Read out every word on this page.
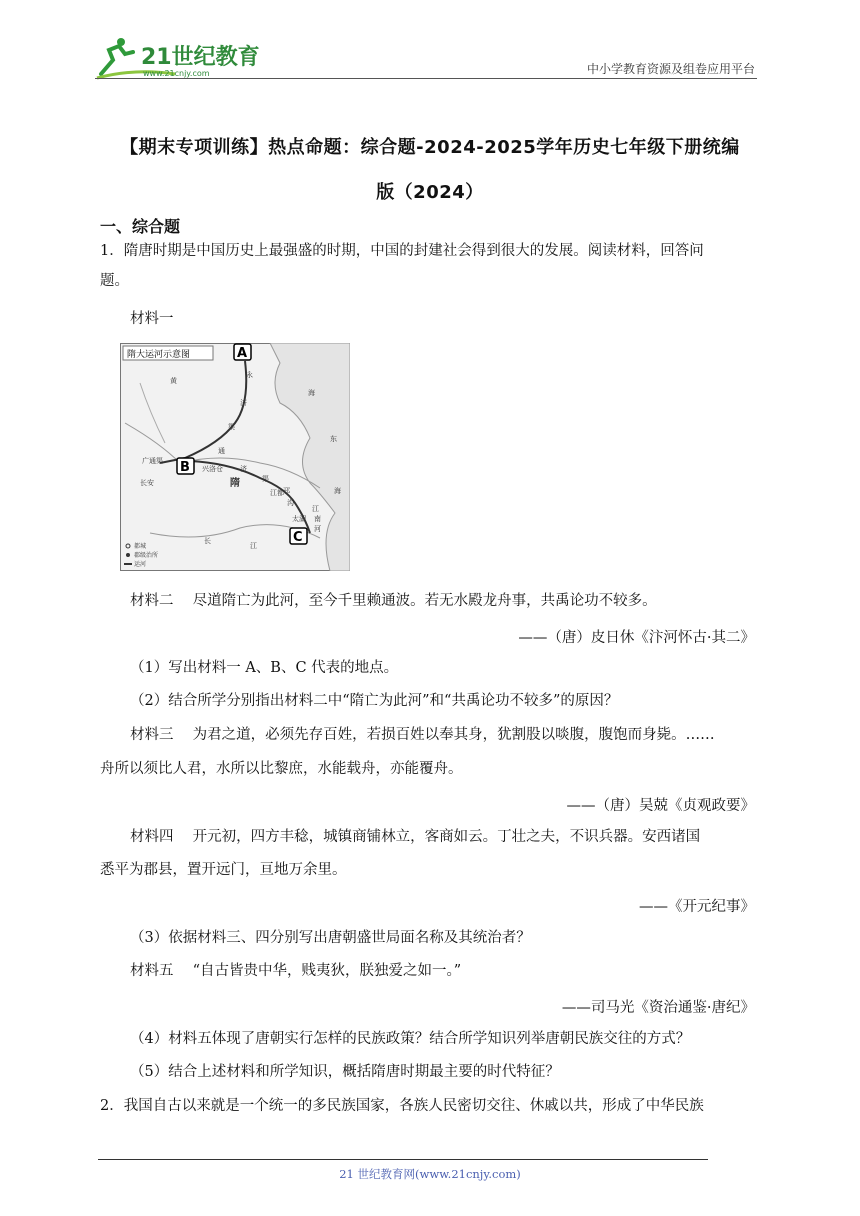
21世纪教育
www.21cnjy.com	中小学教育资源及组卷应用平台
【期末专项训练】热点命题：综合题-2024-2025学年历史七年级下册统编
版（2024）
一、综合题
1．隋唐时期是中国历史上最强盛的时期，中国的封建社会得到很大的发展。阅读材料，回答问
题。
材料一
隋大运河示意图	A
B
C
永
济
渠
通
济
渠
邗
沟
江
南
河
黄
海
东
海
长
江
隋
长安
兴洛仓
广通渠
江都
太湖
都城
郡级治所
运河
材料二　 尽道隋亡为此河，至今千里赖通波。若无水殿龙舟事，共禹论功不较多。
——（唐）皮日休《汴河怀古·其二》
（1）写出材料一 A、B、C 代表的地点。
（2）结合所学分别指出材料二中“隋亡为此河”和“共禹论功不较多”的原因？
材料三　 为君之道，必须先存百姓，若损百姓以奉其身，犹割股以啖腹，腹饱而身毙。……
舟所以须比人君，水所以比黎庶，水能载舟，亦能覆舟。
——（唐）吴兢《贞观政要》
材料四　 开元初，四方丰稔，城镇商铺林立，客商如云。丁壮之夫，不识兵器。安西诸国
悉平为郡县，置开远门，亘地万余里。
——《开元纪事》
（3）依据材料三、四分别写出唐朝盛世局面名称及其统治者？
材料五　 “自古皆贵中华，贱夷狄，朕独爱之如一。”
——司马光《资治通鉴·唐纪》
（4）材料五体现了唐朝实行怎样的民族政策？结合所学知识列举唐朝民族交往的方式？
（5）结合上述材料和所学知识，概括隋唐时期最主要的时代特征？
2．我国自古以来就是一个统一的多民族国家，各族人民密切交往、休戚以共，形成了中华民族
21 世纪教育网(www.21cnjy.com)
